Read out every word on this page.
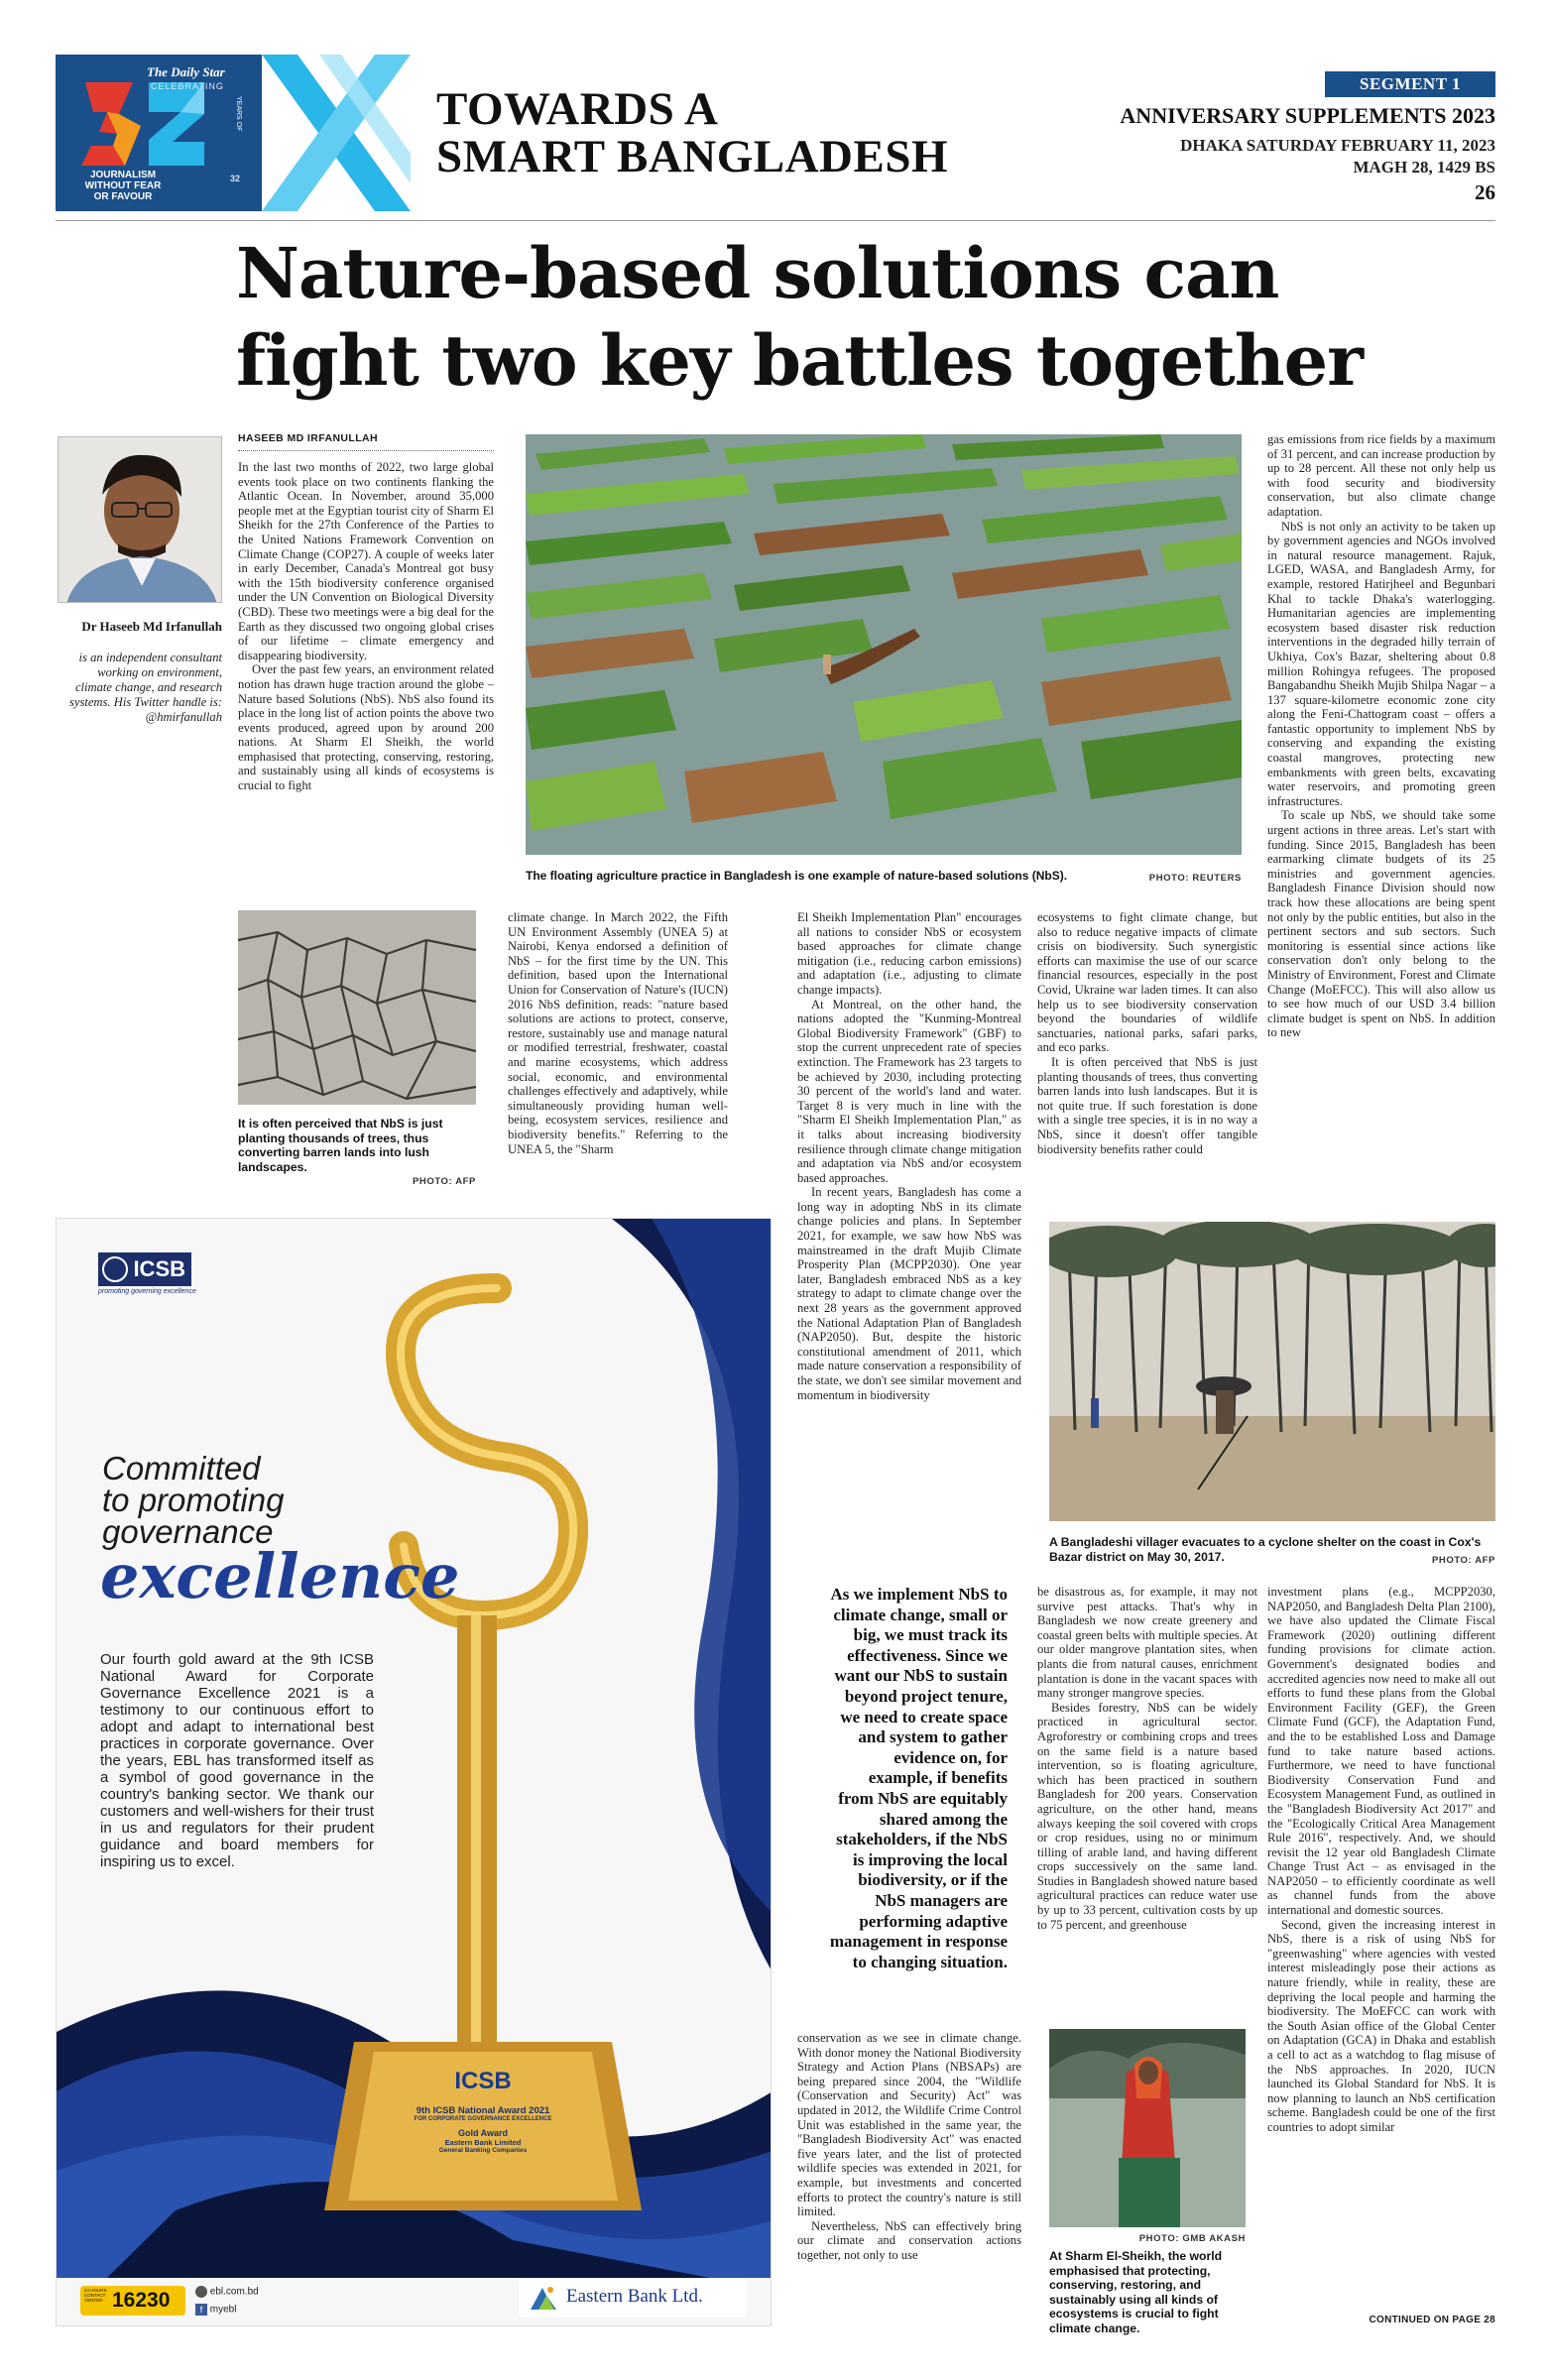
The Daily Star
CELEBRATING
32
YEARS OF
JOURNALISM
WITHOUT FEAR
OR FAVOUR
TOWARDS A
SMART BANGLADESH
SEGMENT 1
ANNIVERSARY SUPPLEMENTS 2023
DHAKA SATURDAY FEBRUARY 11, 2023
MAGH 28, 1429 BS
26
Nature-based solutions can
fight two key battles together
Dr Haseeb Md Irfanullah
is an independent consultant working on environment, climate change, and research systems. His Twitter handle is: @hmirfanullah
HASEEB MD IRFANULLAH

In the last two months of 2022, two large global events took place on two continents flanking the Atlantic Ocean. In November, around 35,000 people met at the Egyptian tourist city of Sharm El Sheikh for the 27th Conference of the Parties to the United Nations Framework Convention on Climate Change (COP27). A couple of weeks later in early December, Canada's Montreal got busy with the 15th biodiversity conference organised under the UN Convention on Biological Diversity (CBD). These two meetings were a big deal for the Earth as they discussed two ongoing global crises of our lifetime – climate emergency and disappearing biodiversity.

Over the past few years, an environment related notion has drawn huge traction around the globe – Nature based Solutions (NbS). NbS also found its place in the long list of action points the above two events produced, agreed upon by around 200 nations. At Sharm El Sheikh, the world emphasised that protecting, conserving, restoring, and sustainably using all kinds of ecosystems is crucial to fight

The floating agriculture practice in Bangladesh is one example of nature-based solutions (NbS).	PHOTO: REUTERS

gas emissions from rice fields by a maximum of 31 percent, and can increase production by up to 28 percent. All these not only help us with food security and biodiversity conservation, but also climate change adaptation.

NbS is not only an activity to be taken up by government agencies and NGOs involved in natural resource management. Rajuk, LGED, WASA, and Bangladesh Army, for example, restored Hatirjheel and Begunbari Khal to tackle Dhaka's waterlogging. Humanitarian agencies are implementing ecosystem based disaster risk reduction interventions in the degraded hilly terrain of Ukhiya, Cox's Bazar, sheltering about 0.8 million Rohingya refugees. The proposed Bangabandhu Sheikh Mujib Shilpa Nagar – a 137 square-kilometre economic zone city along the Feni-Chattogram coast – offers a fantastic opportunity to implement NbS by conserving and expanding the existing coastal mangroves, protecting new embankments with green belts, excavating water reservoirs, and promoting green infrastructures.

To scale up NbS, we should take some urgent actions in three areas. Let's start with funding. Since 2015, Bangladesh has been earmarking climate budgets of its 25 ministries and government agencies. Bangladesh Finance Division should now track how these allocations are being spent not only by the public entities, but also in the pertinent sectors and sub sectors. Such monitoring is essential since actions like conservation don't only belong to the Ministry of Environment, Forest and Climate Change (MoEFCC). This will also allow us to see how much of our USD 3.4 billion climate budget is spent on NbS. In addition to new

It is often perceived that NbS is just planting thousands of trees, thus converting barren lands into lush landscapes.
PHOTO: AFP

climate change. In March 2022, the Fifth UN Environment Assembly (UNEA 5) at Nairobi, Kenya endorsed a definition of NbS – for the first time by the UN. This definition, based upon the International Union for Conservation of Nature's (IUCN) 2016 NbS definition, reads: "nature based solutions are actions to protect, conserve, restore, sustainably use and manage natural or modified terrestrial, freshwater, coastal and marine ecosystems, which address social, economic, and environmental challenges effectively and adaptively, while simultaneously providing human well-being, ecosystem services, resilience and biodiversity benefits." Referring to the UNEA 5, the "Sharm

El Sheikh Implementation Plan" encourages all nations to consider NbS or ecosystem based approaches for climate change mitigation (i.e., reducing carbon emissions) and adaptation (i.e., adjusting to climate change impacts).

At Montreal, on the other hand, the nations adopted the "Kunming-Montreal Global Biodiversity Framework" (GBF) to stop the current unprecedent rate of species extinction. The Framework has 23 targets to be achieved by 2030, including protecting 30 percent of the world's land and water. Target 8 is very much in line with the "Sharm El Sheikh Implementation Plan," as it talks about increasing biodiversity resilience through climate change mitigation and adaptation via NbS and/or ecosystem based approaches.

In recent years, Bangladesh has come a long way in adopting NbS in its climate change policies and plans. In September 2021, for example, we saw how NbS was mainstreamed in the draft Mujib Climate Prosperity Plan (MCPP2030). One year later, Bangladesh embraced NbS as a key strategy to adapt to climate change over the next 28 years as the government approved the National Adaptation Plan of Bangladesh (NAP2050). But, despite the historic constitutional amendment of 2011, which made nature conservation a responsibility of the state, we don't see similar movement and momentum in biodiversity

ecosystems to fight climate change, but also to reduce negative impacts of climate crisis on biodiversity. Such synergistic efforts can maximise the use of our scarce financial resources, especially in the post Covid, Ukraine war laden times. It can also help us to see biodiversity conservation beyond the boundaries of wildlife sanctuaries, national parks, safari parks, and eco parks.

It is often perceived that NbS is just planting thousands of trees, thus converting barren lands into lush landscapes. But it is not quite true. If such forestation is done with a single tree species, it is in no way a NbS, since it doesn't offer tangible biodiversity benefits rather could

A Bangladeshi villager evacuates to a cyclone shelter on the coast in Cox's Bazar district on May 30, 2017.	PHOTO: AFP
As we implement NbS to climate change, small or big, we must track its effectiveness. Since we want our NbS to sustain beyond project tenure, we need to create space and system to gather evidence on, for example, if benefits from NbS are equitably shared among the stakeholders, if the NbS is improving the local biodiversity, or if the NbS managers are performing adaptive management in response to changing situation.

conservation as we see in climate change. With donor money the National Biodiversity Strategy and Action Plans (NBSAPs) are being prepared since 2004, the "Wildlife (Conservation and Security) Act" was updated in 2012, the Wildlife Crime Control Unit was established in the same year, the "Bangladesh Biodiversity Act" was enacted five years later, and the list of protected wildlife species was extended in 2021, for example, but investments and concerted efforts to protect the country's nature is still limited.

Nevertheless, NbS can effectively bring our climate and conservation actions together, not only to use

be disastrous as, for example, it may not survive pest attacks. That's why in Bangladesh we now create greenery and coastal green belts with multiple species. At our older mangrove plantation sites, when plants die from natural causes, enrichment plantation is done in the vacant spaces with many stronger mangrove species.

Besides forestry, NbS can be widely practiced in agricultural sector. Agroforestry or combining crops and trees on the same field is a nature based intervention, so is floating agriculture, which has been practiced in southern Bangladesh for 200 years. Conservation agriculture, on the other hand, means always keeping the soil covered with crops or crop residues, using no or minimum tilling of arable land, and having different crops successively on the same land. Studies in Bangladesh showed nature based agricultural practices can reduce water use by up to 33 percent, cultivation costs by up to 75 percent, and greenhouse

PHOTO: GMB AKASH
At Sharm El-Sheikh, the world emphasised that protecting, conserving, restoring, and sustainably using all kinds of ecosystems is crucial to fight climate change.

investment plans (e.g., MCPP2030, NAP2050, and Bangladesh Delta Plan 2100), we have also updated the Climate Fiscal Framework (2020) outlining different funding provisions for climate action. Government's designated bodies and accredited agencies now need to make all out efforts to fund these plans from the Global Environment Facility (GEF), the Green Climate Fund (GCF), the Adaptation Fund, and the to be established Loss and Damage fund to take nature based actions. Furthermore, we need to have functional Biodiversity Conservation Fund and Ecosystem Management Fund, as outlined in the "Bangladesh Biodiversity Act 2017" and the "Ecologically Critical Area Management Rule 2016", respectively. And, we should revisit the 12 year old Bangladesh Climate Change Trust Act – as envisaged in the NAP2050 – to efficiently coordinate as well as channel funds from the above international and domestic sources.

Second, given the increasing interest in NbS, there is a risk of using NbS for "greenwashing" where agencies with vested interest misleadingly pose their actions as nature friendly, while in reality, these are depriving the local people and harming the biodiversity. The MoEFCC can work with the South Asian office of the Global Center on Adaptation (GCA) in Dhaka and establish a cell to act as a watchdog to flag misuse of the NbS approaches. In 2020, IUCN launched its Global Standard for NbS. It is now planning to launch an NbS certification scheme. Bangladesh could be one of the first countries to adopt similar

CONTINUED ON PAGE 28
ICSB
promoting governing excellence
Committed
to promoting
governance
excellence
Our fourth gold award at the 9th ICSB National Award for Corporate Governance Excellence 2021 is a testimony to our continuous effort to adopt and adapt to international best practices in corporate governance. Over the years, EBL has transformed itself as a symbol of good governance in the country's banking sector. We thank our customers and well-wishers for their trust in us and regulators for their prudent guidance and board members for inspiring us to excel.
ICSB
9th ICSB National Award 2021
FOR CORPORATE GOVERNANCE EXCELLENCE
Gold Award
Eastern Bank Limited
General Banking Companies
24 HOURS CONTACT CENTER 16230	ebl.com.bd
f myebl
Eastern Bank Ltd.
